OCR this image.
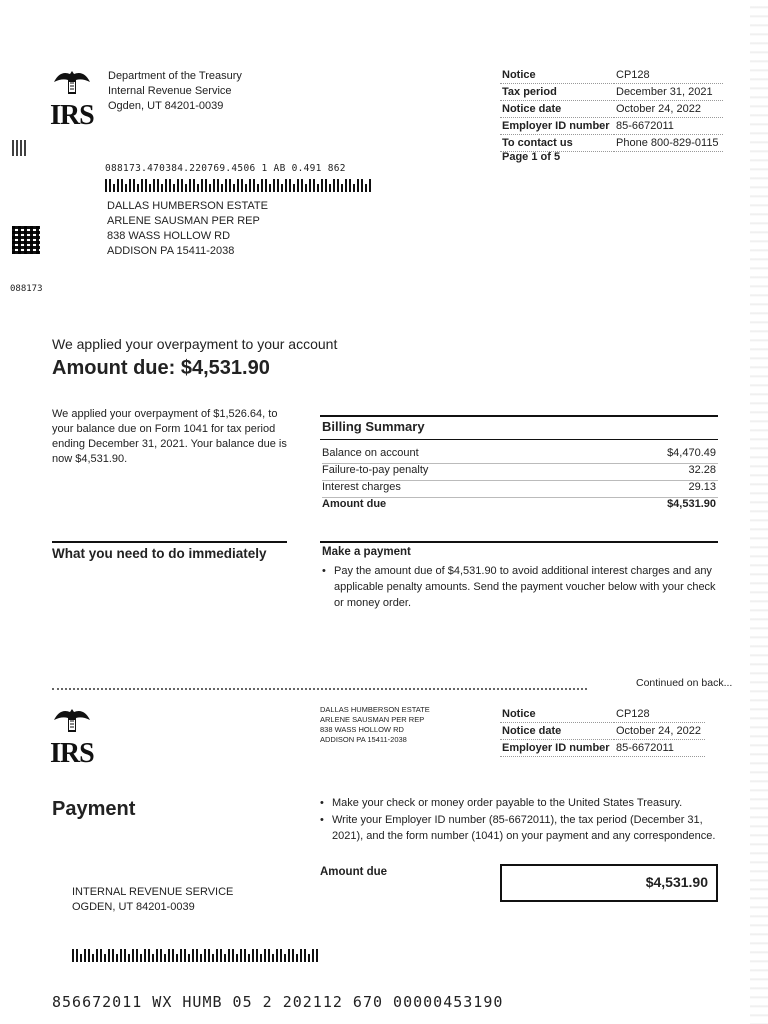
IRS
Department of the Treasury
Internal Revenue Service
Ogden, UT 84201-0039
Notice	CP128
Tax period	December 31, 2021
Notice date	October 24, 2022
Employer ID number	85-6672011
To contact us	Phone 800-829-0115
Page 1 of 5
088173
088173.470384.220769.4506 1 AB 0.491 862
DALLAS HUMBERSON ESTATE
ARLENE SAUSMAN PER REP
838 WASS HOLLOW RD
ADDISON PA 15411-2038
We applied your overpayment to your account
Amount due: $4,531.90
We applied your overpayment of $1,526.64, to your balance due on Form 1041 for tax period ending December 31, 2021. Your balance due is now $4,531.90.
Billing Summary
Balance on account	$4,470.49
Failure-to-pay penalty	32.28
Interest charges	29.13
Amount due	$4,531.90
What you need to do immediately	Make a payment
• Pay the amount due of $4,531.90 to avoid additional interest charges and any applicable penalty amounts. Send the payment voucher below with your check or money order.
Continued on back...
IRS
DALLAS HUMBERSON ESTATE
ARLENE SAUSMAN PER REP
838 WASS HOLLOW RD
ADDISON PA 15411-2038
Notice	CP128
Notice date	October 24, 2022
Employer ID number	85-6672011
Payment	• Make your check or money order payable to the United States Treasury.
• Write your Employer ID number (85-6672011), the tax period (December 31, 2021), and the form number (1041) on your payment and any correspondence.
Amount due
$4,531.90
INTERNAL REVENUE SERVICE
OGDEN, UT 84201-0039
856672011 WX HUMB 05 2 202112 670 00000453190
